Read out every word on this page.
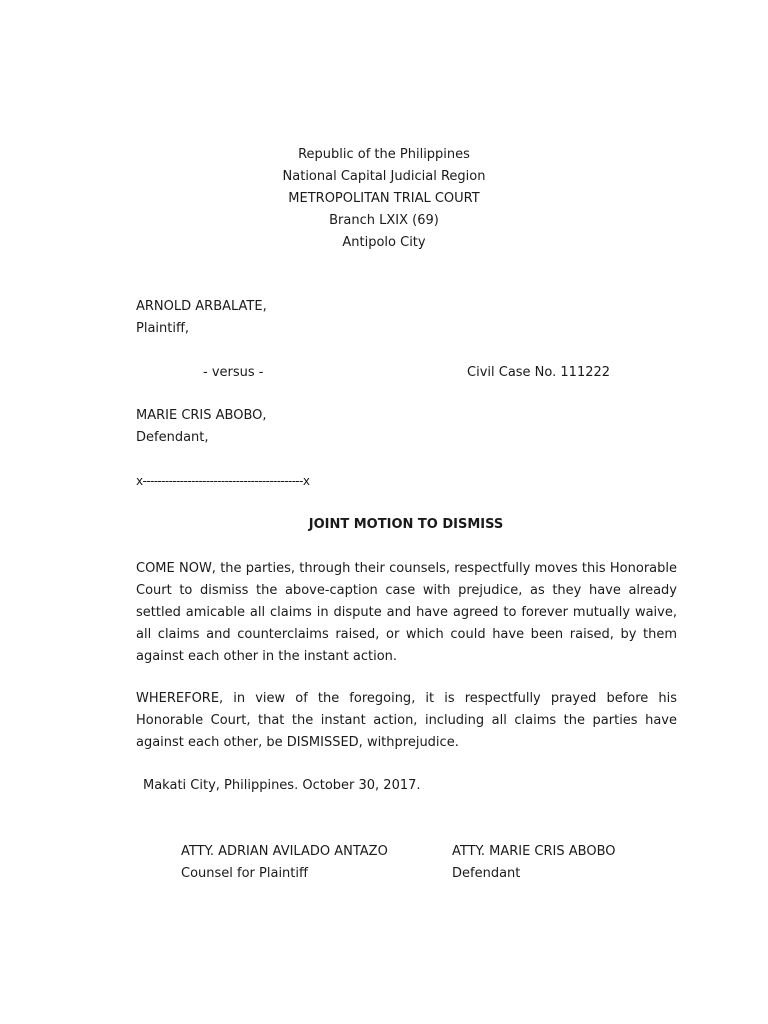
Republic of the Philippines
National Capital Judicial Region
METROPOLITAN TRIAL COURT
Branch LXIX (69)
Antipolo City
ARNOLD ARBALATE,
Plaintiff,
- versus -	Civil Case No. 111222
MARIE CRIS ABOBO,
Defendant,
x-------------------------------------------x
JOINT MOTION TO DISMISS

COME NOW, the parties, through their counsels, respectfully moves this Honorable Court to dismiss the above-caption case with prejudice, as they have already settled amicable all claims in dispute and have agreed to forever mutually waive, all claims and counterclaims raised, or which could have been raised, by them against each other in the instant action.

WHEREFORE, in view of the foregoing, it is respectfully prayed before his Honorable Court, that the instant action, including all claims the parties have against each other, be DISMISSED, withprejudice.

Makati City, Philippines. October 30, 2017.
ATTY. ADRIAN AVILADO ANTAZO
Counsel for Plaintiff
ATTY. MARIE CRIS ABOBO
Defendant
